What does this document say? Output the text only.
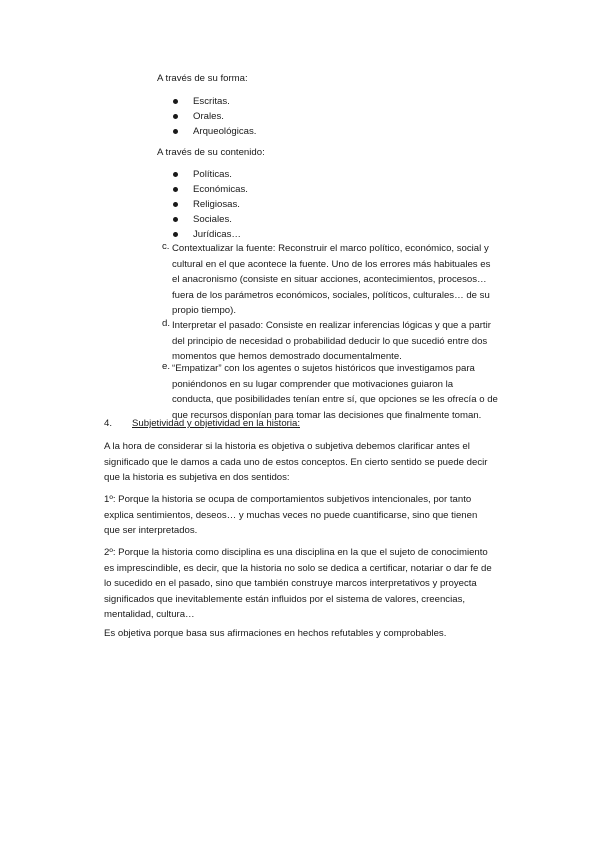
A través de su forma:
Escritas.
Orales.
Arqueológicas.
A través de su contenido:
Políticas.
Económicas.
Religiosas.
Sociales.
Jurídicas…
c. Contextualizar la fuente: Reconstruir el marco político, económico, social y
cultural en el que acontece la fuente. Uno de los errores más habituales es
el anacronismo (consiste en situar acciones, acontecimientos, procesos…
fuera de los parámetros económicos, sociales, políticos, culturales… de su
propio tiempo).
d. Interpretar el pasado: Consiste en realizar inferencias lógicas y que a partir
del principio de necesidad o probabilidad deducir lo que sucedió entre dos
momentos que hemos demostrado documentalmente.
e. “Empatizar” con los agentes o sujetos históricos que investigamos para
poniéndonos en su lugar comprender que motivaciones guiaron la
conducta, que posibilidades tenían entre sí, que opciones se les ofrecía o de
que recursos disponían para tomar las decisiones que finalmente toman.
4. Subjetividad y objetividad en la historia:
A la hora de considerar si la historia es objetiva o subjetiva debemos clarificar antes el
significado que le damos a cada uno de estos conceptos. En cierto sentido se puede decir
que la historia es subjetiva en dos sentidos:
1º: Porque la historia se ocupa de comportamientos subjetivos intencionales, por tanto
explica sentimientos, deseos… y muchas veces no puede cuantificarse, sino que tienen
que ser interpretados.
2º: Porque la historia como disciplina es una disciplina en la que el sujeto de conocimiento
es imprescindible, es decir, que la historia no solo se dedica a certificar, notariar o dar fe de
lo sucedido en el pasado, sino que también construye marcos interpretativos y proyecta
significados que inevitablemente están influidos por el sistema de valores, creencias,
mentalidad, cultura…
Es objetiva porque basa sus afirmaciones en hechos refutables y comprobables.
